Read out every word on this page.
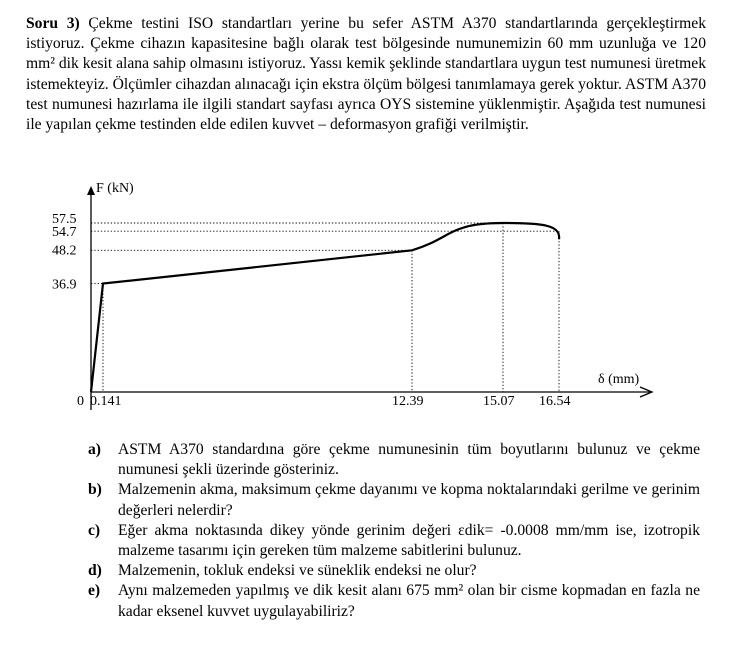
Soru 3) Çekme testini ISO standartları yerine bu sefer ASTM A370 standartlarında gerçekleştirmek istiyoruz. Çekme cihazın kapasitesine bağlı olarak test bölgesinde numunemizin 60 mm uzunluğa ve 120 mm² dik kesit alana sahip olmasını istiyoruz. Yassı kemik şeklinde standartlara uygun test numunesi üretmek istemekteyiz. Ölçümler cihazdan alınacağı için ekstra ölçüm bölgesi tanımlamaya gerek yoktur. ASTM A370 test numunesi hazırlama ile ilgili standart sayfası ayrıca OYS sistemine yüklenmiştir. Aşağıda test numunesi ile yapılan çekme testinden elde edilen kuvvet – deformasyon grafiği verilmiştir.
F (kN)
δ (mm)
0
57.5
54.7
48.2
36.9
0.141	12.39	15.07 16.54
a) ASTM A370 standardına göre çekme numunesinin tüm boyutlarını bulunuz ve çekme numunesi şekli üzerinde gösteriniz.
b) Malzemenin akma, maksimum çekme dayanımı ve kopma noktalarındaki gerilme ve gerinim değerleri nelerdir?
c) Eğer akma noktasında dikey yönde gerinim değeri εdik= -0.0008 mm/mm ise, izotropik malzeme tasarımı için gereken tüm malzeme sabitlerini bulunuz.
d) Malzemenin, tokluk endeksi ve süneklik endeksi ne olur?
e) Aynı malzemeden yapılmış ve dik kesit alanı 675 mm² olan bir cisme kopmadan en fazla ne kadar eksenel kuvvet uygulayabiliriz?
